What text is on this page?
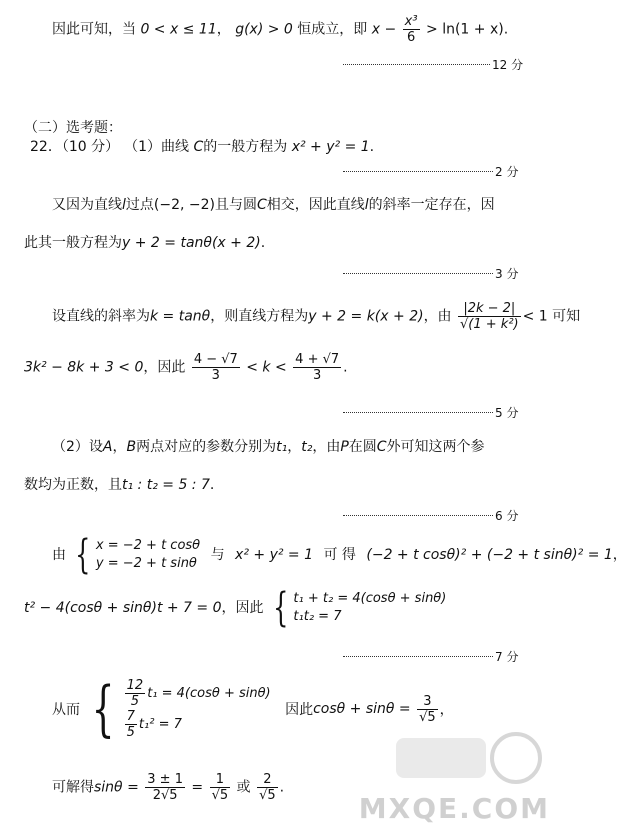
因此可知，当 0 < x ≤ 11， g(x) > 0 恒成立，即 $x - \frac{\text{x³}}{6} > \ln(1 + x)$.
12 分
（二）选考题：
22．（10 分） （1）曲线 C的一般方程为 x² + y² = 1.
2 分
又因为直线l过点(−2, −2)且与圆C相交，因此直线l的斜率一定存在，因
此其一般方程为y + 2 = tanθ(x + 2).
3 分
设直线的斜率为k = tanθ，则直线方程为y + 2 = k(x + 2)，由 $\frac{|2k - 2|}{\text{√(1 + k²)}} < 1$ 可知
3k² − 8k + 3 < 0，因此 $\frac{4 - √7}{3} < k < \frac{4 + √7}{3}$ .
5 分
（2）设A，B两点对应的参数分别为t₁，t₂，由P在圆C外可知这两个参
数均为正数，且t₁ : t₂ = 5 : 7.
6 分
由 { x = −2 + t cosθ
y = −2 + t sinθ
与 x² + y² = 1 可 得 (−2 + t cosθ)² + (−2 + t sinθ)² = 1，
t² − 4(cosθ + sinθ)t + 7 = 0，因此 { t₁ + t₂ = 4(cosθ + sinθ)
t₁t₂ = 7
7 分
从而 { $\frac{12}{5} t_1 = 4(\cos\theta + \sin\theta)$
$\frac{7}{5} t_1^2 = 7$
因此$\cos\theta + \sin\theta = \frac{3}{√5}$ ，
可解得$\sin\theta = \frac{3 \pm 1}{2√5} = \frac{1}{√5}$ 或 $\frac{2}{√5}$ .
MXQE.COM
